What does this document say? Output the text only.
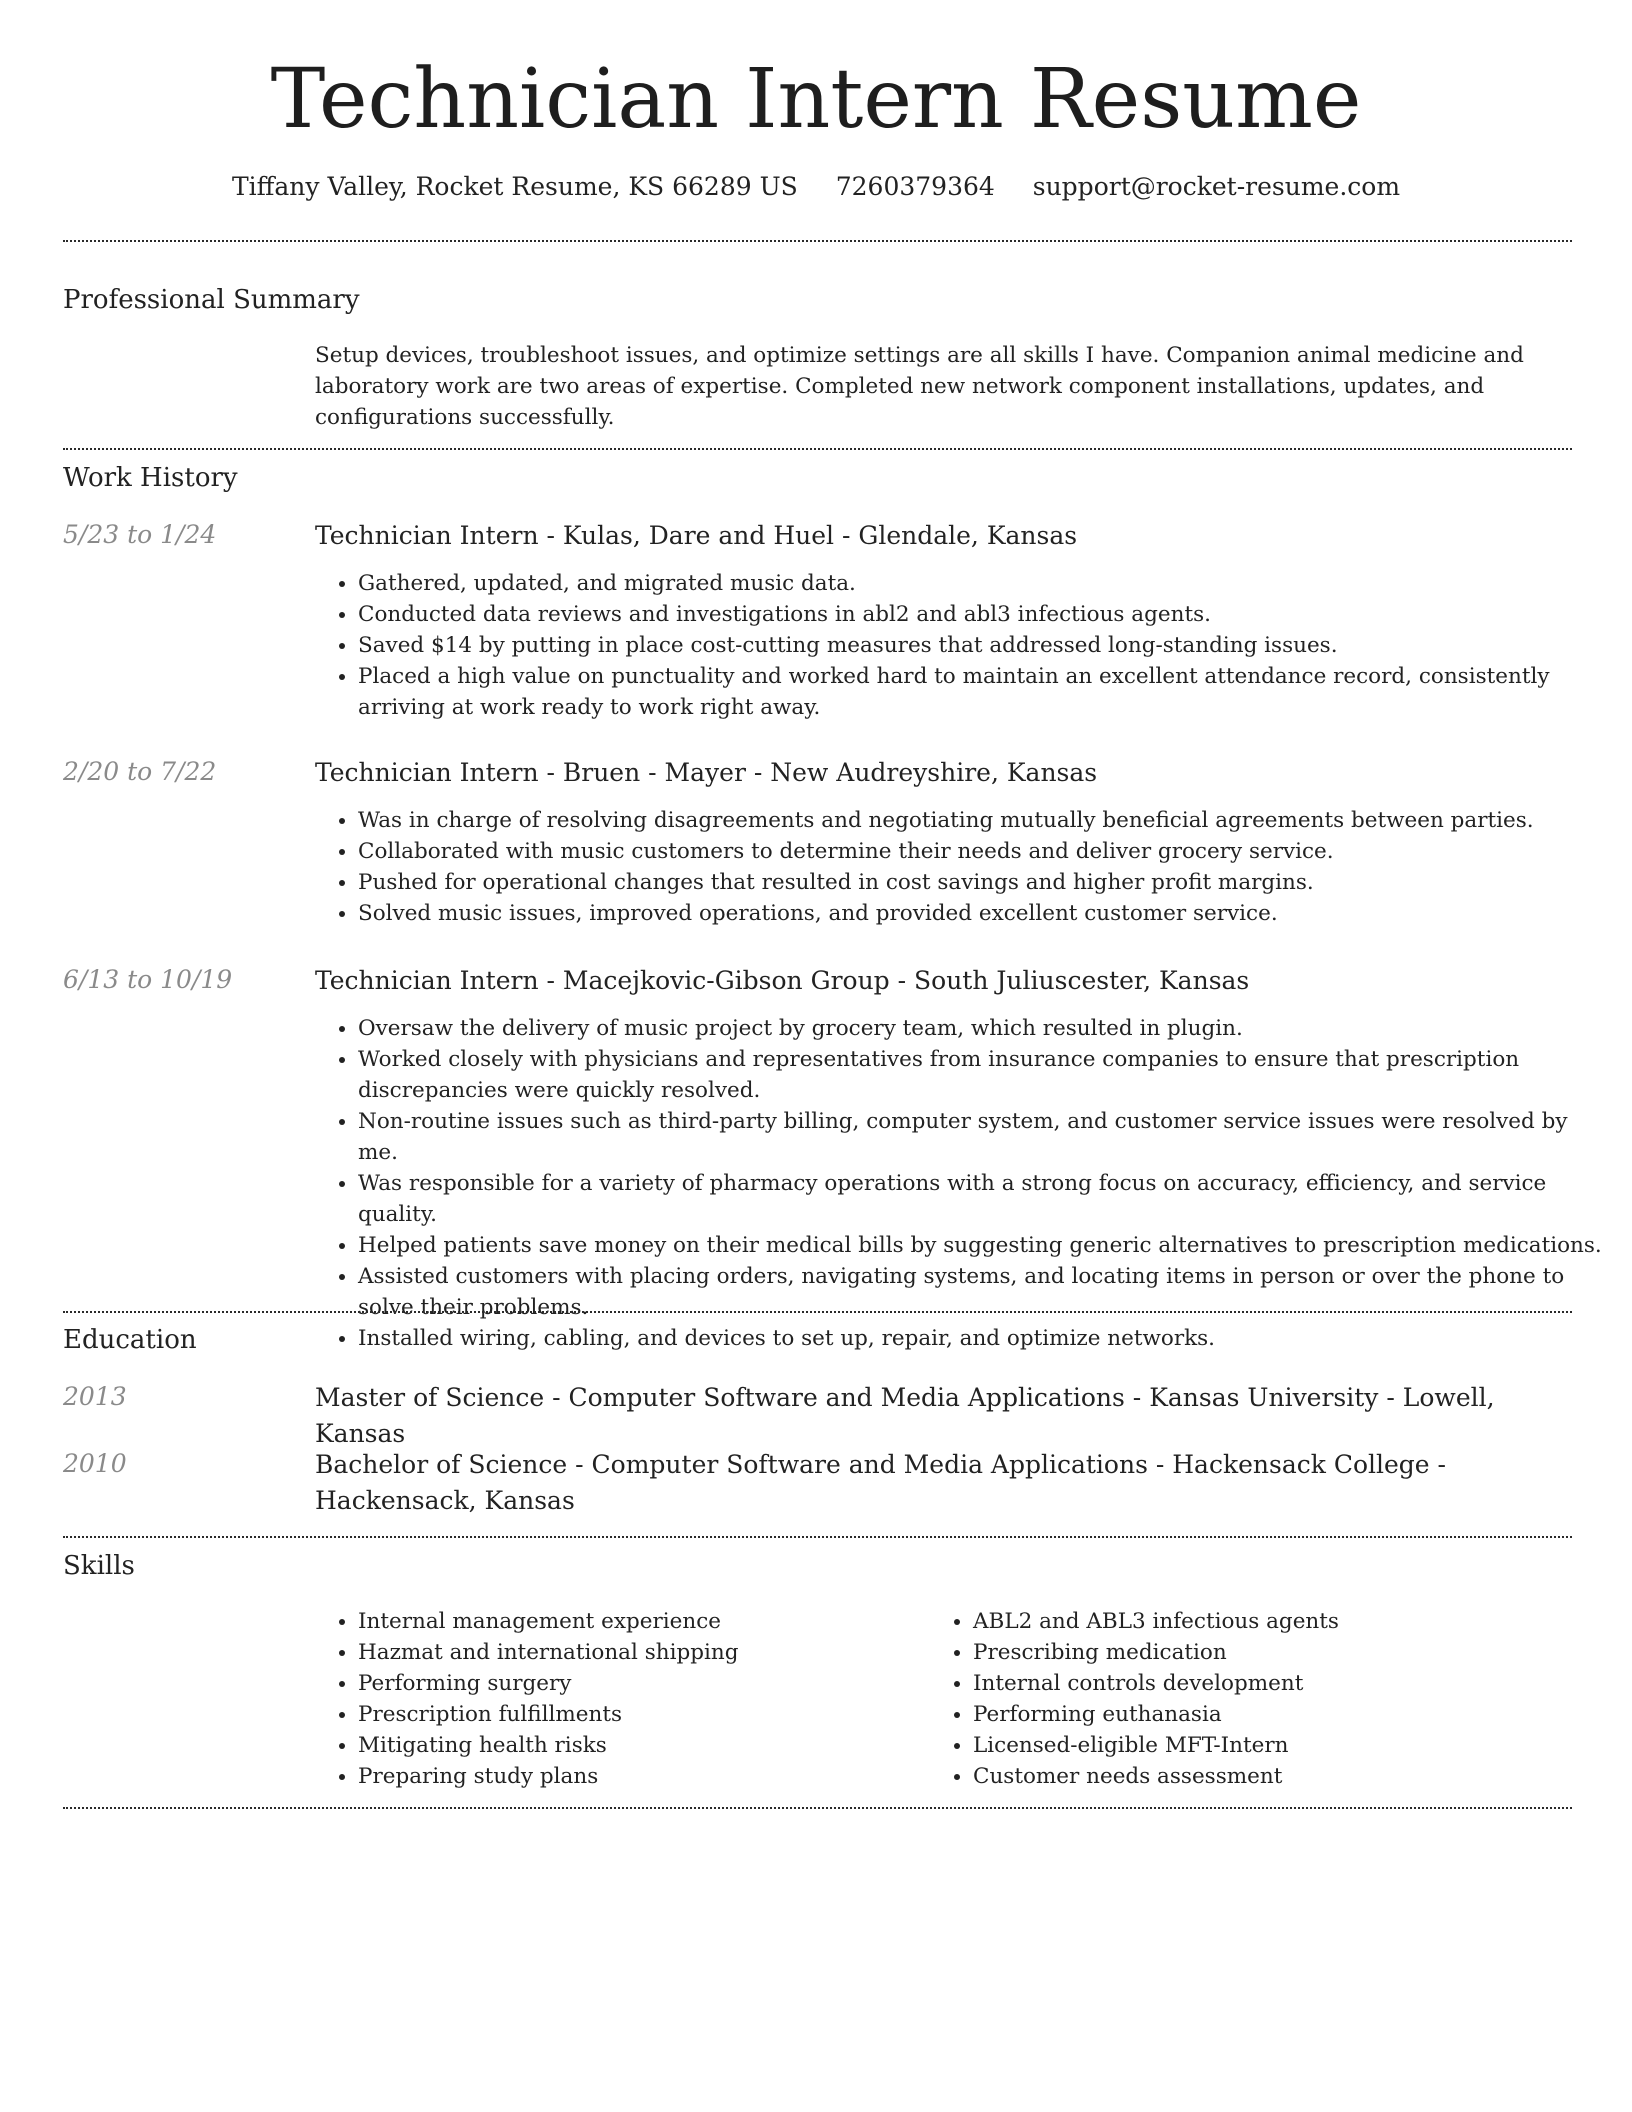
Technician Intern Resume
Tiffany Valley, Rocket Resume, KS 66289 US 7260379364 support@rocket-resume.com
Professional Summary

Setup devices, troubleshoot issues, and optimize settings are all skills I have. Companion animal medicine and laboratory work are two areas of expertise. Completed new network component installations, updates, and configurations successfully.

Work History
5/23 to 1/24	Technician Intern - Kulas, Dare and Huel - Glendale, Kansas
• Gathered, updated, and migrated music data.
• Conducted data reviews and investigations in abl2 and abl3 infectious agents.
• Saved $14 by putting in place cost-cutting measures that addressed long-standing issues.
• Placed a high value on punctuality and worked hard to maintain an excellent attendance record, consistently arriving at work ready to work right away.
2/20 to 7/22	Technician Intern - Bruen - Mayer - New Audreyshire, Kansas
• Was in charge of resolving disagreements and negotiating mutually beneficial agreements between parties.
• Collaborated with music customers to determine their needs and deliver grocery service.
• Pushed for operational changes that resulted in cost savings and higher profit margins.
• Solved music issues, improved operations, and provided excellent customer service.
6/13 to 10/19	Technician Intern - Macejkovic-Gibson Group - South Juliuscester, Kansas
• Oversaw the delivery of music project by grocery team, which resulted in plugin.
• Worked closely with physicians and representatives from insurance companies to ensure that prescription discrepancies were quickly resolved.
• Non-routine issues such as third-party billing, computer system, and customer service issues were resolved by me.
• Was responsible for a variety of pharmacy operations with a strong focus on accuracy, efficiency, and service quality.
• Helped patients save money on their medical bills by suggesting generic alternatives to prescription medications.
• Assisted customers with placing orders, navigating systems, and locating items in person or over the phone to solve their problems.
• Installed wiring, cabling, and devices to set up, repair, and optimize networks.
Education
2013	Master of Science - Computer Software and Media Applications - Kansas University - Lowell, Kansas
2010	Bachelor of Science - Computer Software and Media Applications - Hackensack College - Hackensack, Kansas
Skills
• Internal management experience
• Hazmat and international shipping
• Performing surgery
• Prescription fulfillments
• Mitigating health risks
• Preparing study plans
• ABL2 and ABL3 infectious agents
• Prescribing medication
• Internal controls development
• Performing euthanasia
• Licensed-eligible MFT-Intern
• Customer needs assessment
